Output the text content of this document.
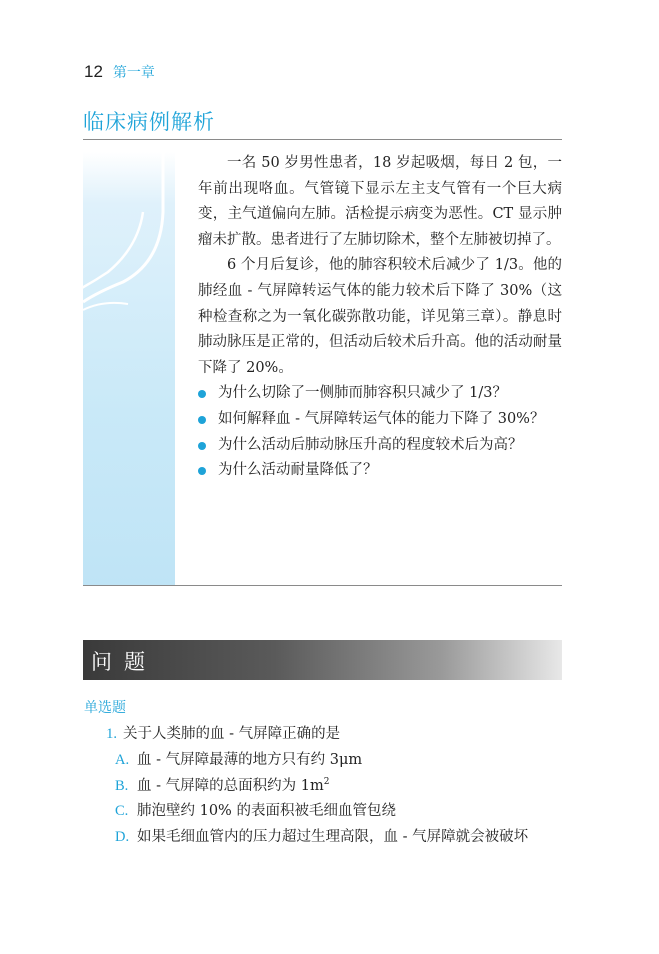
12 第一章
临床病例解析

一名 50 岁男性患者，18 岁起吸烟，每日 2 包，一年前出现咯血。气管镜下显示左主支气管有一个巨大病变，主气道偏向左肺。活检提示病变为恶性。CT 显示肿瘤未扩散。患者进行了左肺切除术，整个左肺被切掉了。

6 个月后复诊，他的肺容积较术后减少了 1/3。他的肺经血 - 气屏障转运气体的能力较术后下降了 30%（这种检查称之为一氧化碳弥散功能，详见第三章）。静息时肺动脉压是正常的，但活动后较术后升高。他的活动耐量下降了 20%。

为什么切除了一侧肺而肺容积只减少了 1/3？
如何解释血 - 气屏障转运气体的能力下降了 30%？
为什么活动后肺动脉压升高的程度较术后为高？
为什么活动耐量降低了？
问题
单选题
1. 关于人类肺的血 - 气屏障正确的是
A. 血 - 气屏障最薄的地方只有约 3μm
B. 血 - 气屏障的总面积约为 $1m^2$
C. 肺泡壁约 10% 的表面积被毛细血管包绕
D. 如果毛细血管内的压力超过生理高限，血 - 气屏障就会被破坏
